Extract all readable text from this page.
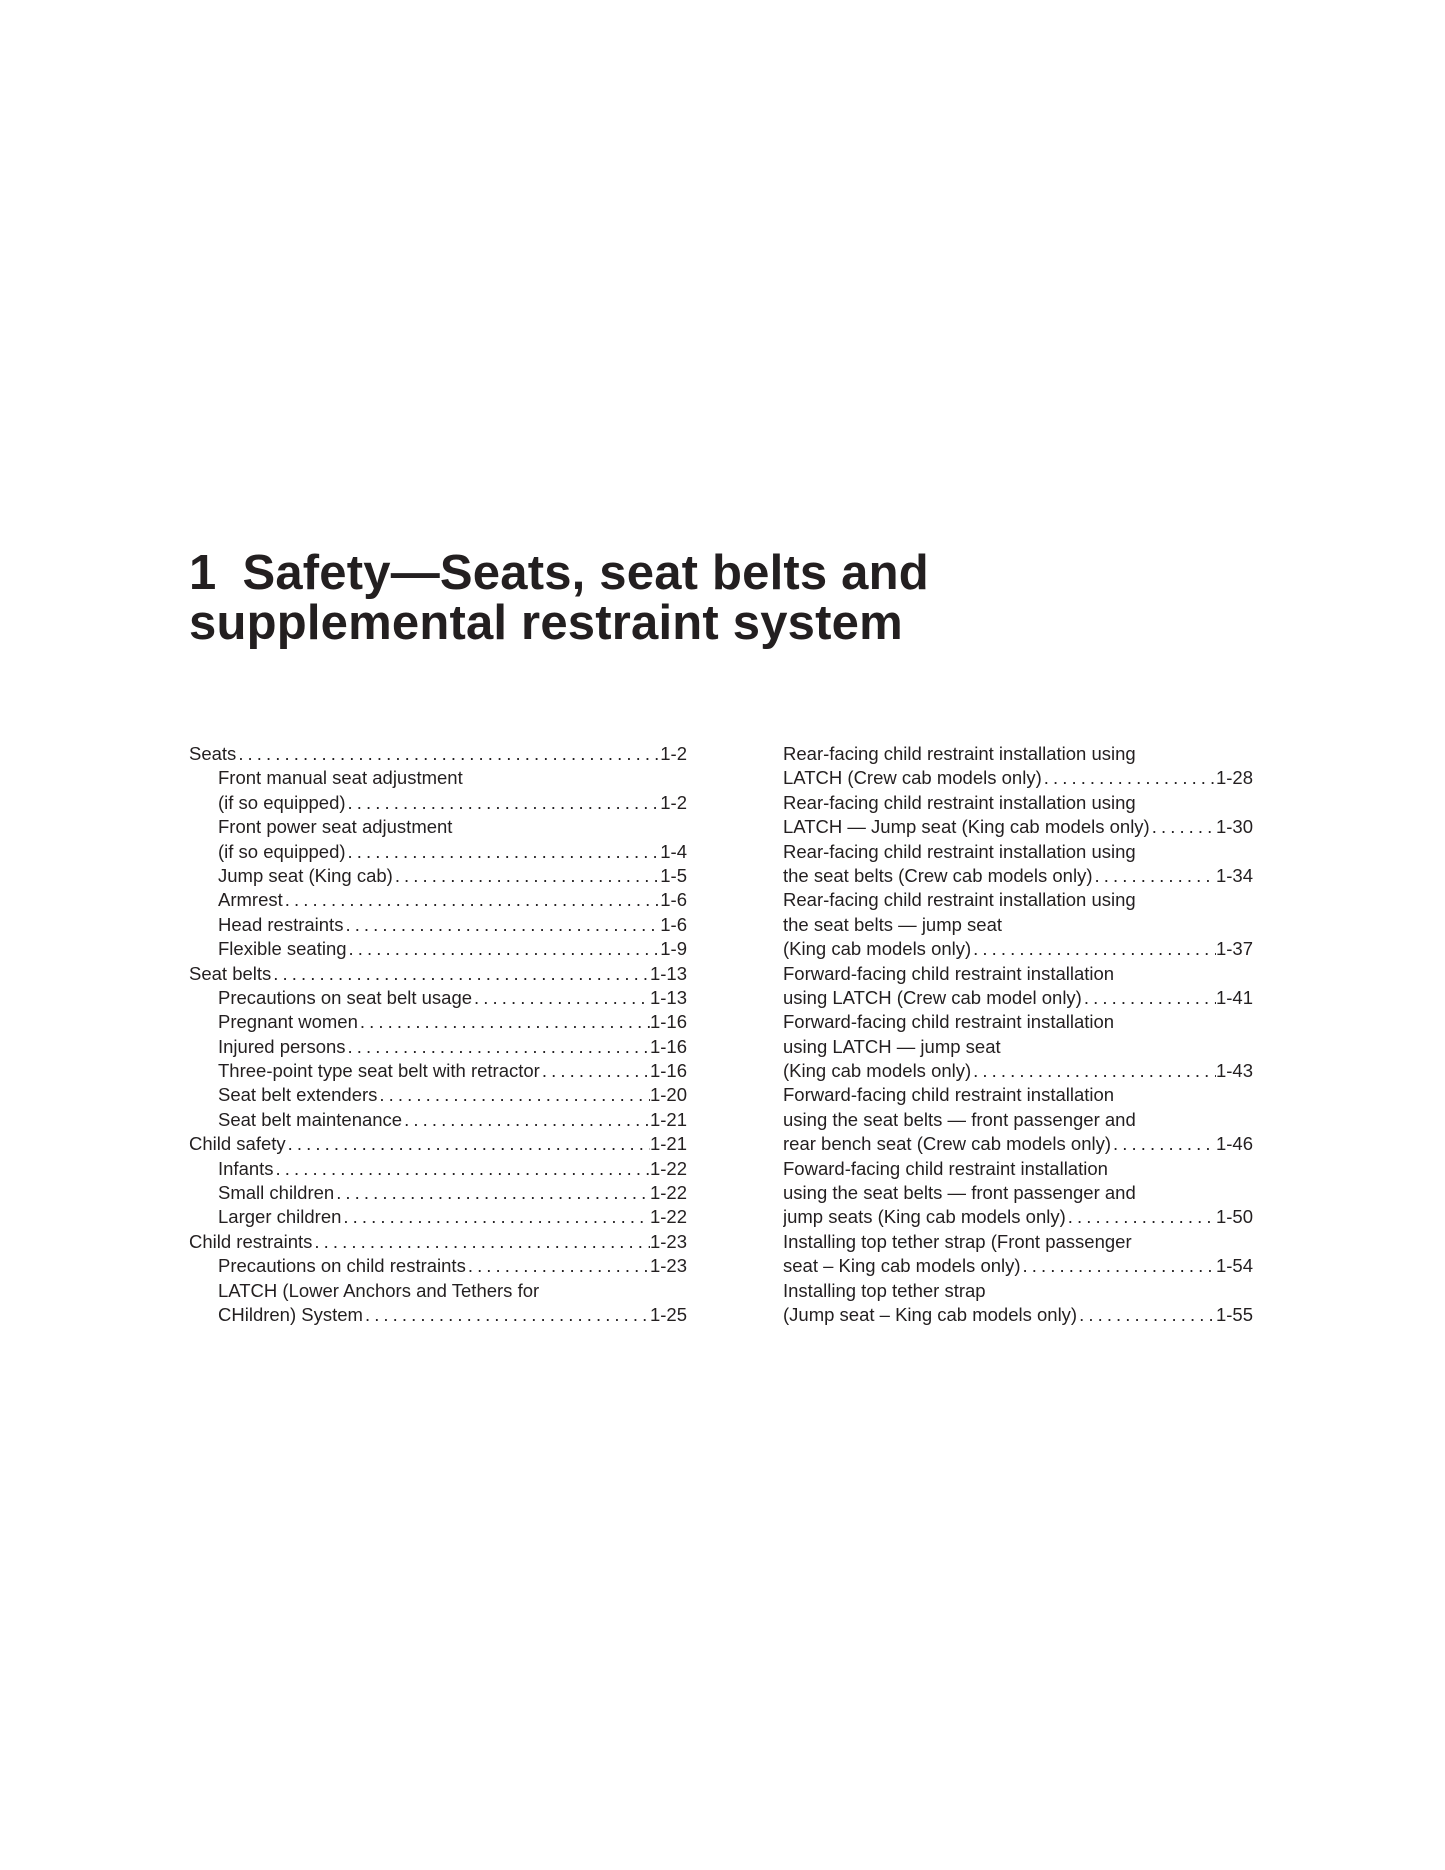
1 Safety—Seats, seat belts and
supplemental restraint system
Seats .....	1-2
Front manual seat adjustment
(if so equipped) .....	1-2
Front power seat adjustment
(if so equipped) .....	1-4
Jump seat (King cab) .....	1-5
Armrest .....	1-6
Head restraints .....	1-6
Flexible seating .....	1-9
Seat belts .....	1-13
Precautions on seat belt usage .....	1-13
Pregnant women .....	1-16
Injured persons .....	1-16
Three-point type seat belt with retractor .....	1-16
Seat belt extenders .....	1-20
Seat belt maintenance .....	1-21
Child safety .....	1-21
Infants .....	1-22
Small children .....	1-22
Larger children .....	1-22
Child restraints .....	1-23
Precautions on child restraints .....	1-23
LATCH (Lower Anchors and Tethers for
CHildren) System .....	1-25
Rear-facing child restraint installation using
LATCH (Crew cab models only) .....	1-28
Rear-facing child restraint installation using
LATCH — Jump seat (King cab models only) .....	1-30
Rear-facing child restraint installation using
the seat belts (Crew cab models only) .....	1-34
Rear-facing child restraint installation using
the seat belts — jump seat
(King cab models only) .....	1-37
Forward-facing child restraint installation
using LATCH (Crew cab model only) .....	1-41
Forward-facing child restraint installation
using LATCH — jump seat
(King cab models only) .....	1-43
Forward-facing child restraint installation
using the seat belts — front passenger and
rear bench seat (Crew cab models only) .....	1-46
Foward-facing child restraint installation
using the seat belts — front passenger and
jump seats (King cab models only) .....	1-50
Installing top tether strap (Front passenger
seat – King cab models only) .....	1-54
Installing top tether strap
(Jump seat – King cab models only) .....	1-55
